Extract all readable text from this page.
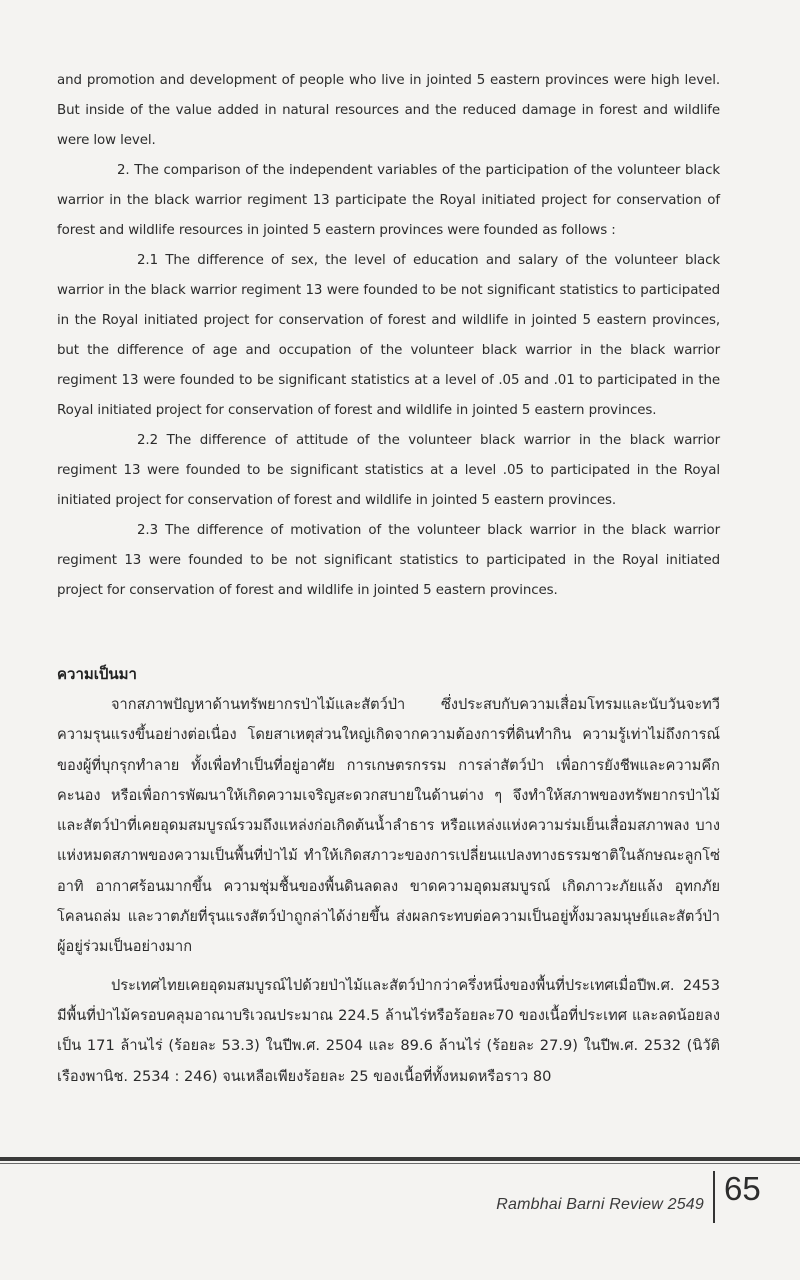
and promotion and development of people who live in jointed 5 eastern provinces were high level. But inside of the value added in natural resources and the reduced damage in forest and wildlife were low level.

2. The comparison of the independent variables of the participation of the volunteer black warrior in the black warrior regiment 13 participate the Royal initiated project for conservation of forest and wildlife resources in jointed 5 eastern provinces were founded as follows :

2.1 The difference of sex, the level of education and salary of the volunteer black warrior in the black warrior regiment 13 were founded to be not significant statistics to participated in the Royal initiated project for conservation of forest and wildlife in jointed 5 eastern provinces, but the difference of age and occupation of the volunteer black warrior in the black warrior regiment 13 were founded to be significant statistics at a level of .05 and .01 to participated in the Royal initiated project for conservation of forest and wildlife in jointed 5 eastern provinces.

2.2 The difference of attitude of the volunteer black warrior in the black warrior regiment 13 were founded to be significant statistics at a level .05 to participated in the Royal initiated project for conservation of forest and wildlife in jointed 5 eastern provinces.

2.3 The difference of motivation of the volunteer black warrior in the black warrior regiment 13 were founded to be not significant statistics to participated in the Royal initiated project for conservation of forest and wildlife in jointed 5 eastern provinces.

ความเป็นมา

จากสภาพปัญหาด้านทรัพยากรป่าไม้และสัตว์ป่า ซึ่งประสบกับความเสื่อมโทรมและนับวันจะทวีความรุนแรงขึ้นอย่างต่อเนื่อง โดยสาเหตุส่วนใหญ่เกิดจากความต้องการที่ดินทำกิน ความรู้เท่าไม่ถึงการณ์ของผู้ที่บุกรุกทำลาย ทั้งเพื่อทำเป็นที่อยู่อาศัย การเกษตรกรรม การล่าสัตว์ป่า เพื่อการยังชีพและความคึกคะนอง หรือเพื่อการพัฒนาให้เกิดความเจริญสะดวกสบายในด้านต่าง ๆ จึงทำให้สภาพของทรัพยากรป่าไม้ และสัตว์ป่าที่เคยอุดมสมบูรณ์รวมถึงแหล่งก่อเกิดต้นน้ำลำธาร หรือแหล่งแห่งความร่มเย็นเสื่อมสภาพลง บางแห่งหมดสภาพของความเป็นพื้นที่ป่าไม้ ทำให้เกิดสภาวะของการเปลี่ยนแปลงทางธรรมชาติในลักษณะลูกโซ่ อาทิ อากาศร้อนมากขึ้น ความชุ่มชื้นของพื้นดินลดลง ขาดความอุดมสมบูรณ์ เกิดภาวะภัยแล้ง อุทกภัย โคลนถล่ม และวาตภัยที่รุนแรงสัตว์ป่าถูกล่าได้ง่ายขึ้น ส่งผลกระทบต่อความเป็นอยู่ทั้งมวลมนุษย์และสัตว์ป่าผู้อยู่ร่วมเป็นอย่างมาก

ประเทศไทยเคยอุดมสมบูรณ์ไปด้วยป่าไม้และสัตว์ป่ากว่าครึ่งหนึ่งของพื้นที่ประเทศเมื่อปีพ.ศ. 2453 มีพื้นที่ป่าไม้ครอบคลุมอาณาบริเวณประมาณ 224.5 ล้านไร่หรือร้อยละ70 ของเนื้อที่ประเทศ และลดน้อยลงเป็น 171 ล้านไร่ (ร้อยละ 53.3) ในปีพ.ศ. 2504 และ 89.6 ล้านไร่ (ร้อยละ 27.9) ในปีพ.ศ. 2532 (นิวัติ เรืองพานิช. 2534 : 246) จนเหลือเพียงร้อยละ 25 ของเนื้อที่ทั้งหมดหรือราว 80

Rambhai Barni Review 2549 65
